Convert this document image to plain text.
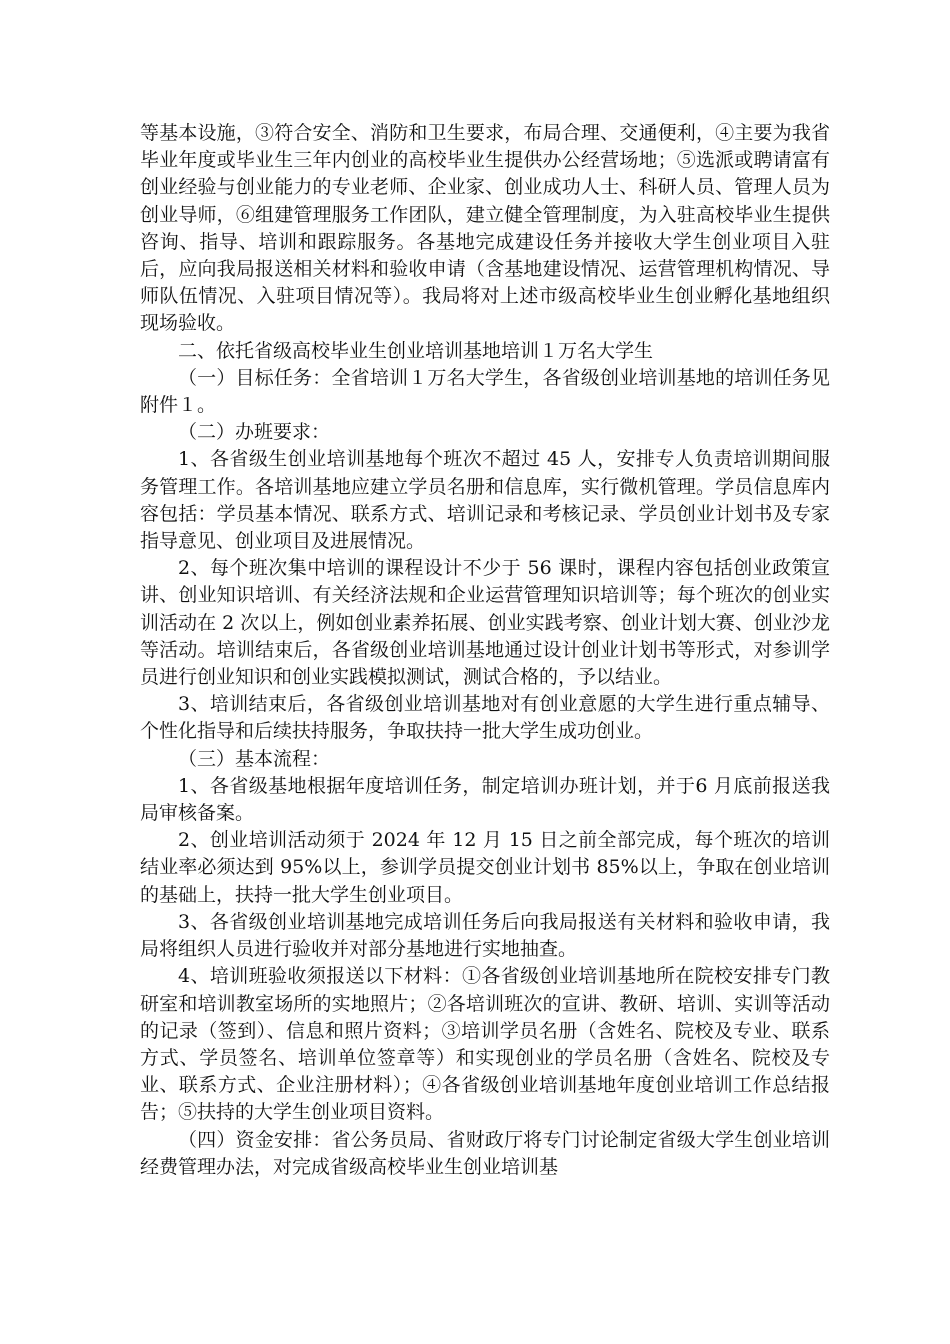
等基本设施，③符合安全、消防和卫生要求，布局合理、交通便利，④主要为我省毕业年度或毕业生三年内创业的高校毕业生提供办公经营场地；⑤选派或聘请富有创业经验与创业能力的专业老师、企业家、创业成功人士、科研人员、管理人员为创业导师，⑥组建管理服务工作团队，建立健全管理制度，为入驻高校毕业生提供咨询、指导、培训和跟踪服务。各基地完成建设任务并接收大学生创业项目入驻后，应向我局报送相关材料和验收申请（含基地建设情况、运营管理机构情况、导师队伍情况、入驻项目情况等）。我局将对上述市级高校毕业生创业孵化基地组织现场验收。

二、依托省级高校毕业生创业培训基地培训１万名大学生

（一）目标任务：全省培训１万名大学生，各省级创业培训基地的培训任务见附件１。

（二）办班要求：

1、各省级生创业培训基地每个班次不超过 45 人，安排专人负责培训期间服务管理工作。各培训基地应建立学员名册和信息库，实行微机管理。学员信息库内容包括：学员基本情况、联系方式、培训记录和考核记录、学员创业计划书及专家指导意见、创业项目及进展情况。

2、每个班次集中培训的课程设计不少于 56 课时，课程内容包括创业政策宣讲、创业知识培训、有关经济法规和企业运营管理知识培训等；每个班次的创业实训活动在 2 次以上，例如创业素养拓展、创业实践考察、创业计划大赛、创业沙龙等活动。培训结束后，各省级创业培训基地通过设计创业计划书等形式，对参训学员进行创业知识和创业实践模拟测试，测试合格的，予以结业。

3、培训结束后，各省级创业培训基地对有创业意愿的大学生进行重点辅导、个性化指导和后续扶持服务，争取扶持一批大学生成功创业。

（三）基本流程：

1、各省级基地根据年度培训任务，制定培训办班计划，并于6 月底前报送我局审核备案。

2、创业培训活动须于 2024 年 12 月 15 日之前全部完成，每个班次的培训结业率必须达到 95%以上，参训学员提交创业计划书 85%以上，争取在创业培训的基础上，扶持一批大学生创业项目。

3、各省级创业培训基地完成培训任务后向我局报送有关材料和验收申请，我局将组织人员进行验收并对部分基地进行实地抽查。

4、培训班验收须报送以下材料：①各省级创业培训基地所在院校安排专门教研室和培训教室场所的实地照片；②各培训班次的宣讲、教研、培训、实训等活动的记录（签到）、信息和照片资料；③培训学员名册（含姓名、院校及专业、联系方式、学员签名、培训单位签章等）和实现创业的学员名册（含姓名、院校及专业、联系方式、企业注册材料）；④各省级创业培训基地年度创业培训工作总结报告；⑤扶持的大学生创业项目资料。

（四）资金安排：省公务员局、省财政厅将专门讨论制定省级大学生创业培训经费管理办法，对完成省级高校毕业生创业培训基
